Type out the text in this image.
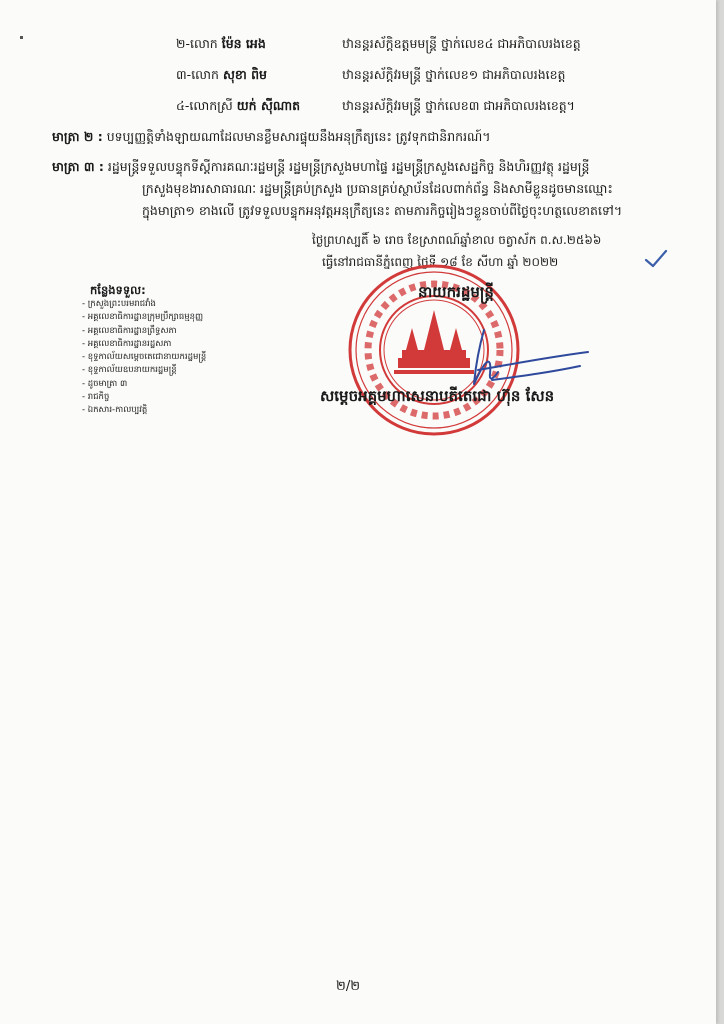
២-លោក ម៉ែន អេង	ឋានន្តរស័ក្តិឧត្តមមន្ត្រី ថ្នាក់លេខ៤ ជាអភិបាលរងខេត្ត
៣-លោក សុខា ពិម	ឋានន្តរស័ក្តិវរមន្ត្រី ថ្នាក់លេខ១ ជាអភិបាលរងខេត្ត
៤-លោកស្រី យក់ ស៊ីណាត	ឋានន្តរស័ក្តិវរមន្ត្រី ថ្នាក់លេខ៣ ជាអភិបាលរងខេត្ត។
មាត្រា ២ : បទប្បញ្ញត្តិទាំងឡាយណាដែលមានខ្លឹមសារផ្ទុយនឹងអនុក្រឹត្យនេះ ត្រូវទុកជានិរាករណ៍។
មាត្រា ៣ : រដ្ឋមន្ត្រីទទួលបន្ទុកទីស្តីការគណៈរដ្ឋមន្ត្រី រដ្ឋមន្ត្រីក្រសួងមហាផ្ទៃ រដ្ឋមន្ត្រីក្រសួងសេដ្ឋកិច្ច និងហិរញ្ញវត្ថុ រដ្ឋមន្ត្រី
ក្រសួងមុខងារសាធារណៈ រដ្ឋមន្ត្រីគ្រប់ក្រសួង ប្រធានគ្រប់ស្ថាប័នដែលពាក់ព័ន្ធ និងសាមីខ្លួនដូចមានឈ្មោះ
ក្នុងមាត្រា១ ខាងលើ ត្រូវទទួលបន្ទុកអនុវត្តអនុក្រឹត្យនេះ តាមភារកិច្ចរៀងៗខ្លួនចាប់ពីថ្ងៃចុះហត្ថលេខាតទៅ។
ថ្ងៃព្រហស្បតិ៍ ៦ រោច ខែស្រាពណ៍ឆ្នាំខាល ចត្វាស័ក ព.ស.២៥៦៦
ធ្វើនៅរាជធានីភ្នំពេញ ថ្ងៃទី ១៨ ខែ សីហា ឆ្នាំ ២០២២
កន្លែងទទួល:
- ក្រសួងព្រះបរមរាជវាំង
- អគ្គលេខាធិការដ្ឋានក្រុមប្រឹក្សាធម្មនុញ្ញ
- អគ្គលេខាធិការដ្ឋានព្រឹទ្ធសភា
- អគ្គលេខាធិការដ្ឋានរដ្ឋសភា
- ខុទ្ទកាល័យសម្តេចតេជោនាយករដ្ឋមន្ត្រី
- ខុទ្ទកាល័យឧបនាយករដ្ឋមន្ត្រី
- ដូចមាត្រា ៣
- រាជកិច្ច
- ឯកសារ-កាលប្បវត្តិ
នាយករដ្ឋមន្ត្រី
សម្តេចអគ្គមហាសេនាបតីតេជោ ហ៊ុន សែន
២/២
